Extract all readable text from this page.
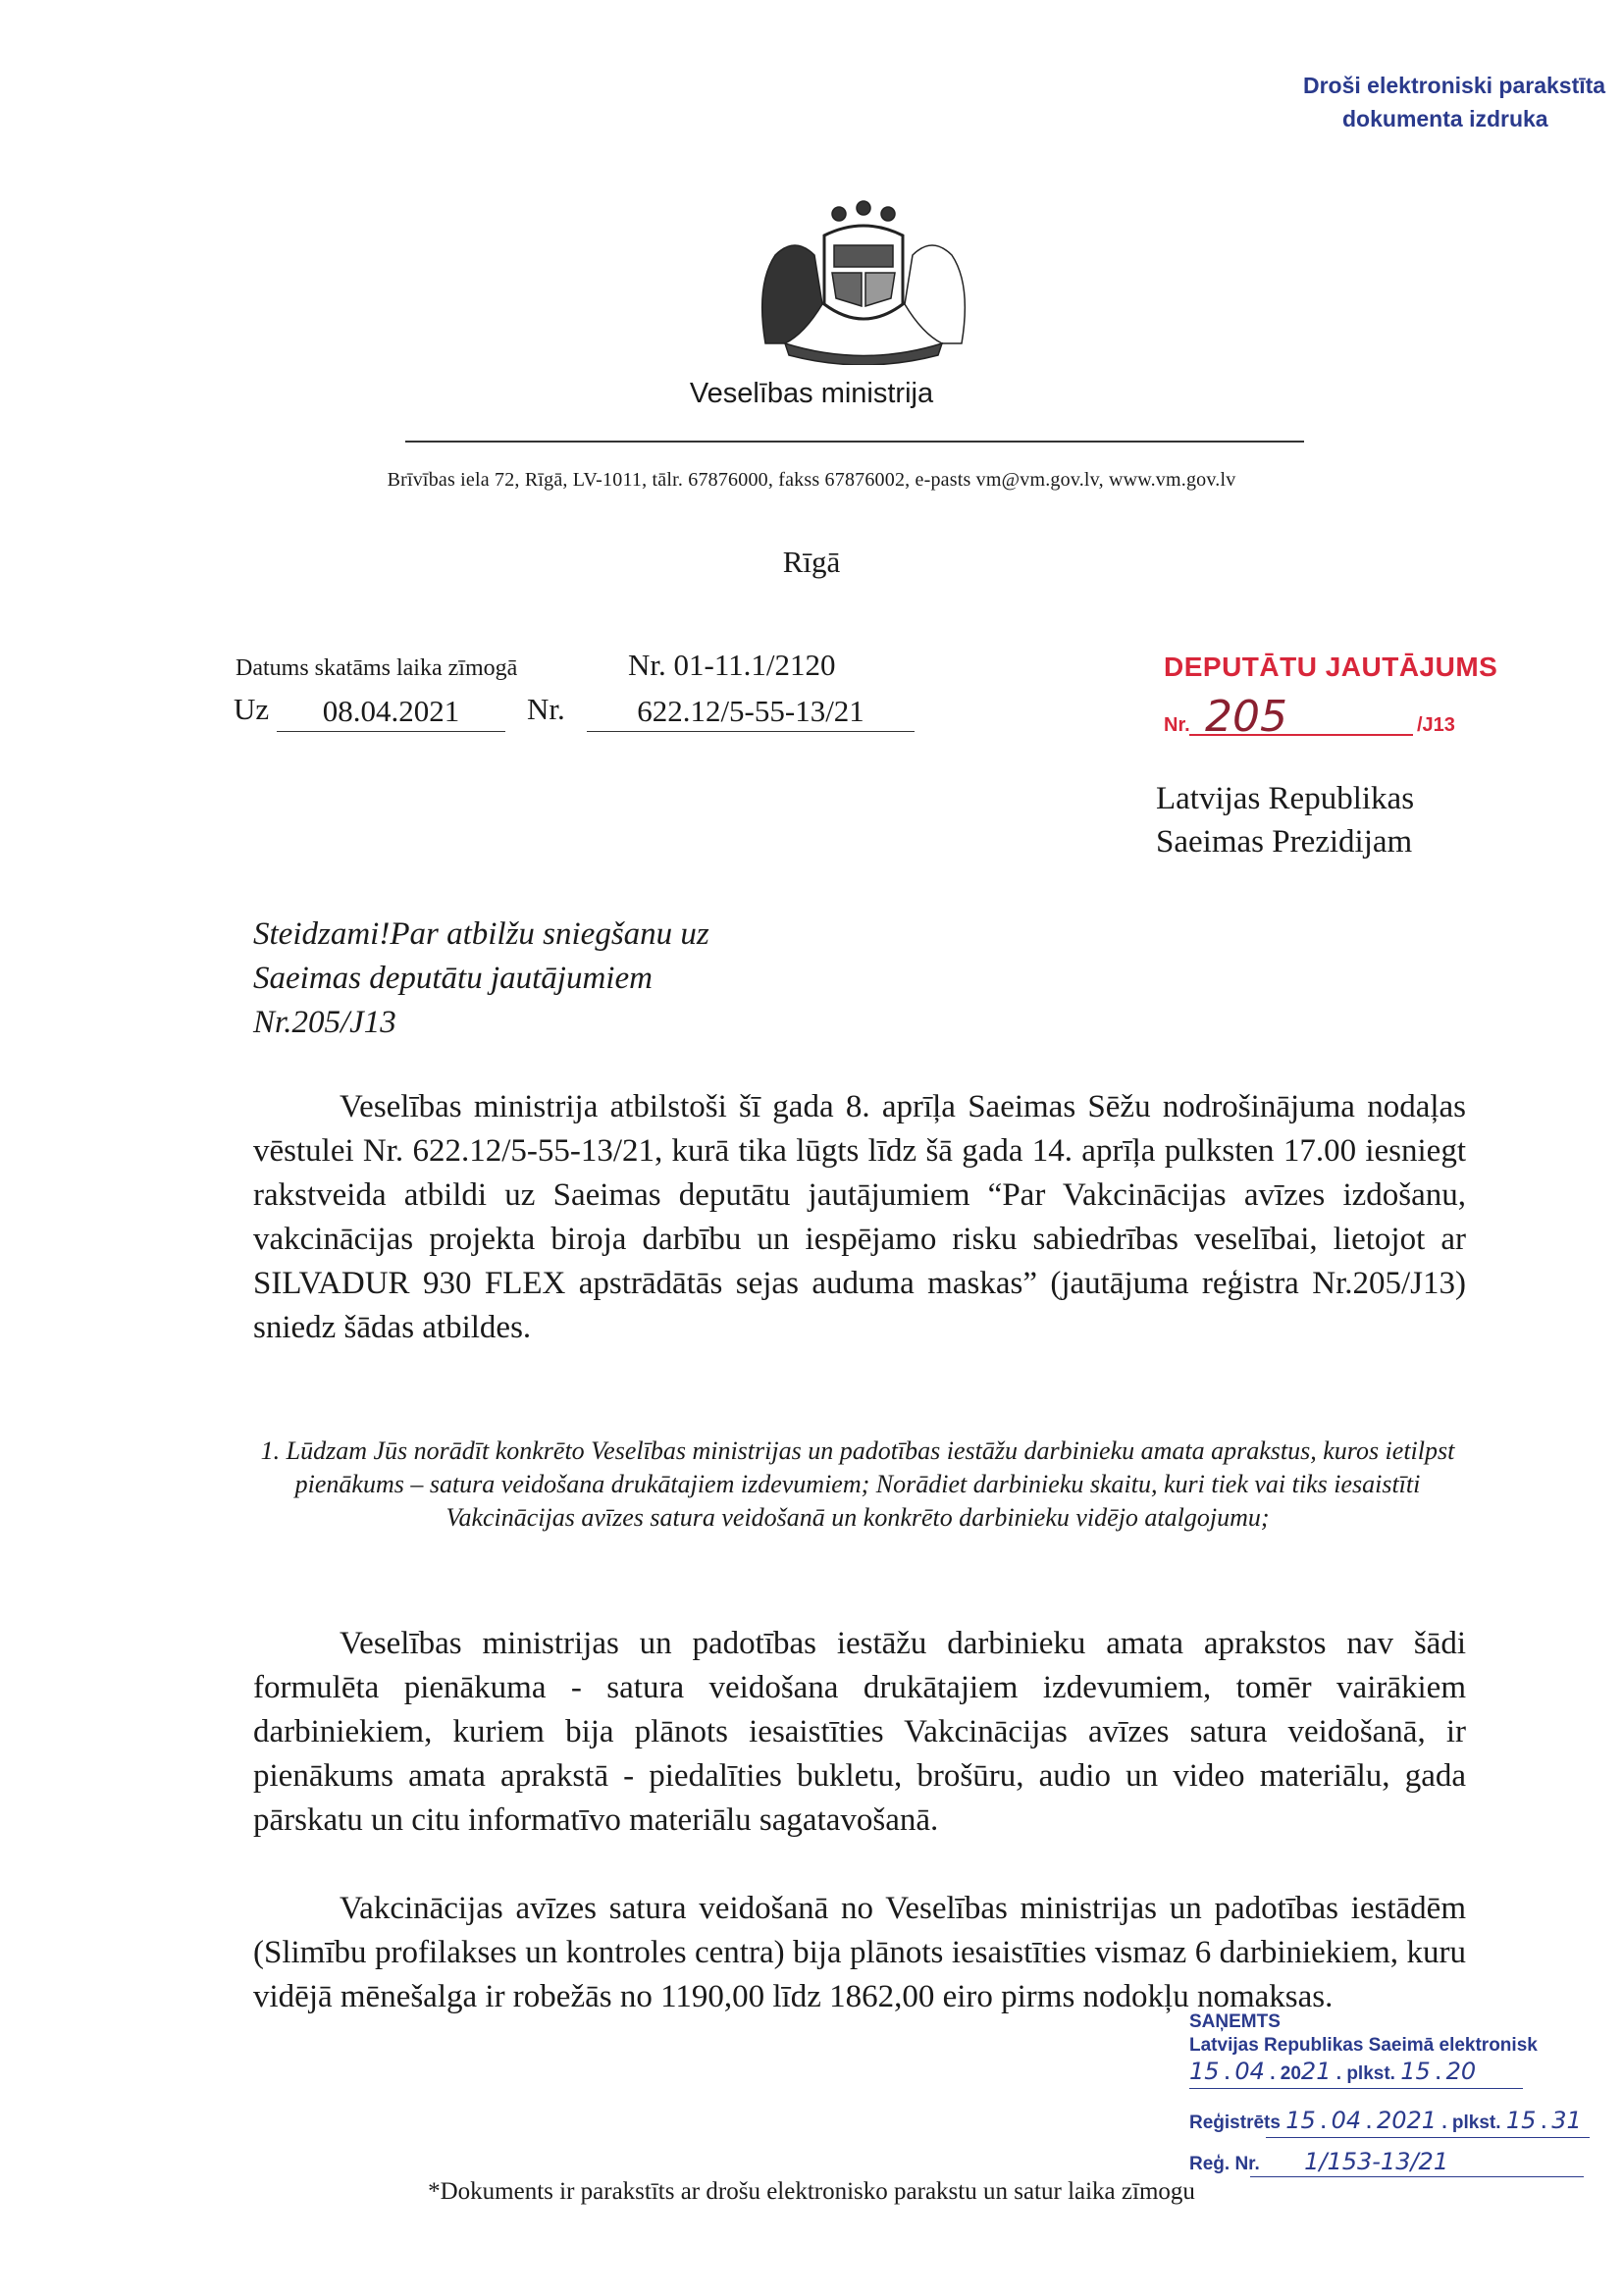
Droši elektroniski parakstīta
dokumenta izdruka
Veselības ministrija
Brīvības iela 72, Rīgā, LV-1011, tālr. 67876000, fakss 67876002, e-pasts vm@vm.gov.lv, www.vm.gov.lv
Rīgā
Datums skatāms laika zīmogā	Nr. 01-11.1/2120
Uz	08.04.2021	Nr.	622.12/5-55-13/21
DEPUTĀTU JAUTĀJUMS
Nr. 205	/J13
Latvijas Republikas
Saeimas Prezidijam
Steidzami!Par atbilžu sniegšanu uz
Saeimas deputātu jautājumiem
Nr.205/J13
Veselības ministrija atbilstoši šī gada 8. aprīļa Saeimas Sēžu nodrošinājuma nodaļas vēstulei Nr. 622.12/5-55-13/21, kurā tika lūgts līdz šā gada 14. aprīļa pulksten 17.00 iesniegt rakstveida atbildi uz Saeimas deputātu jautājumiem “Par Vakcinācijas avīzes izdošanu, vakcinācijas projekta biroja darbību un iespējamo risku sabiedrības veselībai, lietojot ar SILVADUR 930 FLEX apstrādātās sejas auduma maskas” (jautājuma reģistra Nr.205/J13) sniedz šādas atbildes.
1. Lūdzam Jūs norādīt konkrēto Veselības ministrijas un padotības iestāžu darbinieku amata aprakstus, kuros ietilpst pienākums – satura veidošana drukātajiem izdevumiem; Norādiet darbinieku skaitu, kuri tiek vai tiks iesaistīti Vakcinācijas avīzes satura veidošanā un konkrēto darbinieku vidējo atalgojumu;
Veselības ministrijas un padotības iestāžu darbinieku amata aprakstos nav šādi formulēta pienākuma - satura veidošana drukātajiem izdevumiem, tomēr vairākiem darbiniekiem, kuriem bija plānots iesaistīties Vakcinācijas avīzes satura veidošanā, ir pienākums amata aprakstā - piedalīties bukletu, brošūru, audio un video materiālu, gada pārskatu un citu informatīvo materiālu sagatavošanā.
Vakcinācijas avīzes satura veidošanā no Veselības ministrijas un padotības iestādēm (Slimību profilakses un kontroles centra) bija plānots iesaistīties vismaz 6 darbiniekiem, kuru vidējā mēnešalga ir robežās no 1190,00 līdz 1862,00 eiro pirms nodokļu nomaksas.
SAŅEMTS
Latvijas Republikas Saeimā elektronisk
15 . 04 . 2021 . plkst. 15 . 20
Reģistrēts 15 . 04 . 2021 . plkst. 15 . 31
Reģ. Nr. 1/153-13/21
*Dokuments ir parakstīts ar drošu elektronisko parakstu un satur laika zīmogu
